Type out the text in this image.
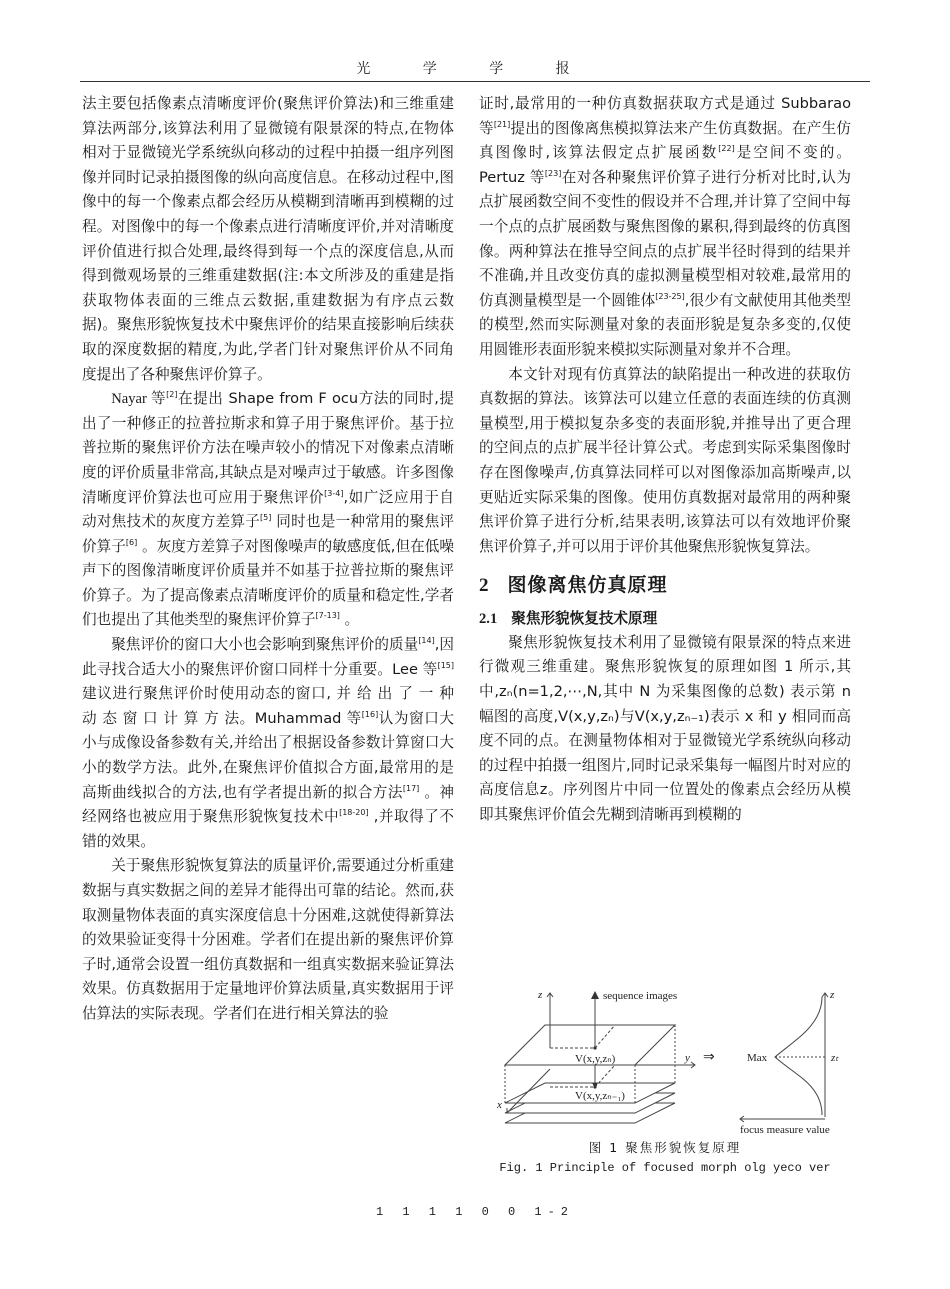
光 学 学 报

法主要包括像素点清晰度评价(聚焦评价算法)和三维重建算法两部分,该算法利用了显微镜有限景深的特点,在物体相对于显微镜光学系统纵向移动的过程中拍摄一组序列图像并同时记录拍摄图像的纵向高度信息。在移动过程中,图像中的每一个像素点都会经历从模糊到清晰再到模糊的过程。对图像中的每一个像素点进行清晰度评价,并对清晰度评价值进行拟合处理,最终得到每一个点的深度信息,从而得到微观场景的三维重建数据(注:本文所涉及的重建是指获取物体表面的三维点云数据,重建数据为有序点云数据)。聚焦形貌恢复技术中聚焦评价的结果直接影响后续获取的深度数据的精度,为此,学者门针对聚焦评价从不同角度提出了各种聚焦评价算子。

Nayar 等[2]在提出 Shape from F ocu方法的同时,提出了一种修正的拉普拉斯求和算子用于聚焦评价。基于拉普拉斯的聚焦评价方法在噪声较小的情况下对像素点清晰度的评价质量非常高,其缺点是对噪声过于敏感。许多图像清晰度评价算法也可应用于聚焦评价[3-4],如广泛应用于自动对焦技术的灰度方差算子[5] 同时也是一种常用的聚焦评价算子[6] 。灰度方差算子对图像噪声的敏感度低,但在低噪声下的图像清晰度评价质量并不如基于拉普拉斯的聚焦评价算子。为了提高像素点清晰度评价的质量和稳定性,学者们也提出了其他类型的聚焦评价算子[7-13] 。

聚焦评价的窗口大小也会影响到聚焦评价的质量[14],因此寻找合适大小的聚焦评价窗口同样十分重要。Lee 等[15] 建议进行聚焦评价时使用动态的窗口, 并 给 出 了 一 种 动 态 窗 口 计 算 方 法。Muhammad 等[16]认为窗口大小与成像设备参数有关,并给出了根据设备参数计算窗口大小的数学方法。此外,在聚焦评价值拟合方面,最常用的是高斯曲线拟合的方法,也有学者提出新的拟合方法[17] 。神经网络也被应用于聚焦形貌恢复技术中[18-20] ,并取得了不错的效果。

关于聚焦形貌恢复算法的质量评价,需要通过分析重建数据与真实数据之间的差异才能得出可靠的结论。然而,获取测量物体表面的真实深度信息十分困难,这就使得新算法的效果验证变得十分困难。学者们在提出新的聚焦评价算子时,通常会设置一组仿真数据和一组真实数据来验证算法效果。仿真数据用于定量地评价算法质量,真实数据用于评估算法的实际表现。学者们在进行相关算法的验

证时,最常用的一种仿真数据获取方式是通过 Subbarao 等[21]提出的图像离焦模拟算法来产生仿真数据。在产生仿真图像时,该算法假定点扩展函数[22]是空间不变的。Pertuz 等[23]在对各种聚焦评价算子进行分析对比时,认为点扩展函数空间不变性的假设并不合理,并计算了空间中每一个点的点扩展函数与聚焦图像的累积,得到最终的仿真图像。两种算法在推导空间点的点扩展半径时得到的结果并不准确,并且改变仿真的虚拟测量模型相对较难,最常用的仿真测量模型是一个圆锥体[23-25],很少有文献使用其他类型的模型,然而实际测量对象的表面形貌是复杂多变的,仅使用圆锥形表面形貌来模拟实际测量对象并不合理。

本文针对现有仿真算法的缺陷提出一种改进的获取仿真数据的算法。该算法可以建立任意的表面连续的仿真测量模型,用于模拟复杂多变的表面形貌,并推导出了更合理的空间点的点扩展半径计算公式。考虑到实际采集图像时存在图像噪声,仿真算法同样可以对图像添加高斯噪声,以更贴近实际采集的图像。使用仿真数据对最常用的两种聚焦评价算子进行分析,结果表明,该算法可以有效地评价聚焦评价算子,并可以用于评价其他聚焦形貌恢复算法。

2 图像离焦仿真原理
2.1 聚焦形貌恢复技术原理

聚焦形貌恢复技术利用了显微镜有限景深的特点来进行微观三维重建。聚焦形貌恢复的原理如图 1 所示,其中,zₙ(n=1,2,⋯,N,其中 N 为采集图像的总数) 表示第 n 幅图的高度,V(x,y,zₙ)与V(x,y,zₙ₋₁)表示 x 和 y 相同而高度不同的点。在测量物体相对于显微镜光学系统纵向移动的过程中拍摄一组图片,同时记录采集每一幅图片时对应的高度信息z。序列图片中同一位置处的像素点会经历从模即其聚焦评价值会先糊到清晰再到模糊的

z	sequence images
V(x,y,zₙ)	y
V(x,y,zₙ₋₁)
x
⇒	Max	zₜ
z
focus measure value
图 1 聚焦形貌恢复原理
Fig. 1 Principle of focused morph olg yeco ver
1 1 1 1 0 0 1-2
